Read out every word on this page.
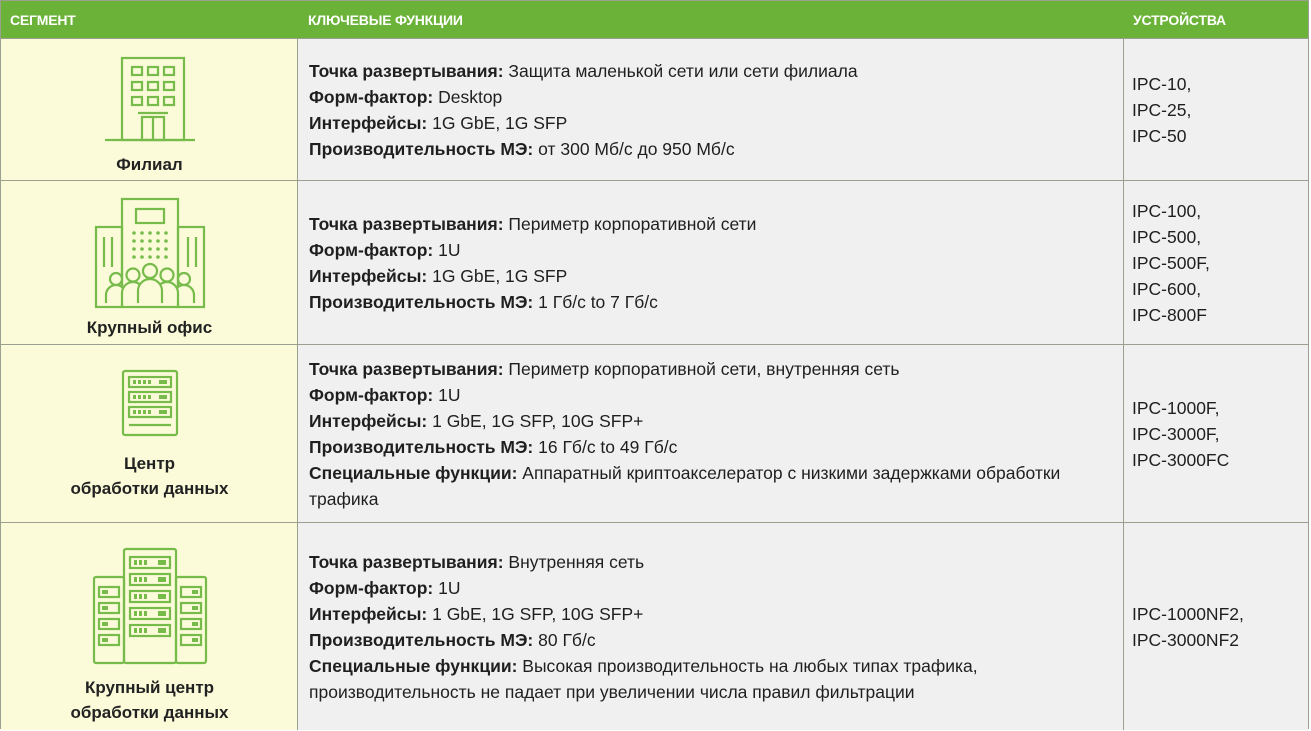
СЕГМЕНТ	КЛЮЧЕВЫЕ ФУНКЦИИ	УСТРОЙСТВА
Филиал

Точка развертывания: Защита маленькой сети или сети филиала

Форм-фактор: Desktop

Интерфейсы: 1G GbE, 1G SFP

Производительность МЭ: от 300 Мб/с до 950 Мб/с

IPC-10,
IPC-25,
IPC-50
Крупный офис

Точка развертывания: Периметр корпоративной сети

Форм-фактор: 1U

Интерфейсы: 1G GbE, 1G SFP

Производительность МЭ: 1 Гб/с to 7 Гб/с

IPC-100,
IPC-500,
IPC-500F,
IPC-600,
IPC-800F
Центр
обработки данных

Точка развертывания: Периметр корпоративной сети, внутренняя сеть

Форм-фактор: 1U

Интерфейсы: 1 GbE, 1G SFP, 10G SFP+

Производительность МЭ: 16 Гб/с to 49 Гб/с

Специальные функции: Аппаратный криптоакселератор с низкими задержками обработки трафика

IPC-1000F,
IPC-3000F,
IPC-3000FC
Крупный центр
обработки данных

Точка развертывания: Внутренняя сеть

Форм-фактор: 1U

Интерфейсы: 1 GbE, 1G SFP, 10G SFP+

Производительность МЭ: 80 Гб/с

Специальные функции: Высокая производительность на любых типах трафика, производительность не падает при увеличении числа правил фильтрации

IPC-1000NF2,
IPC-3000NF2
